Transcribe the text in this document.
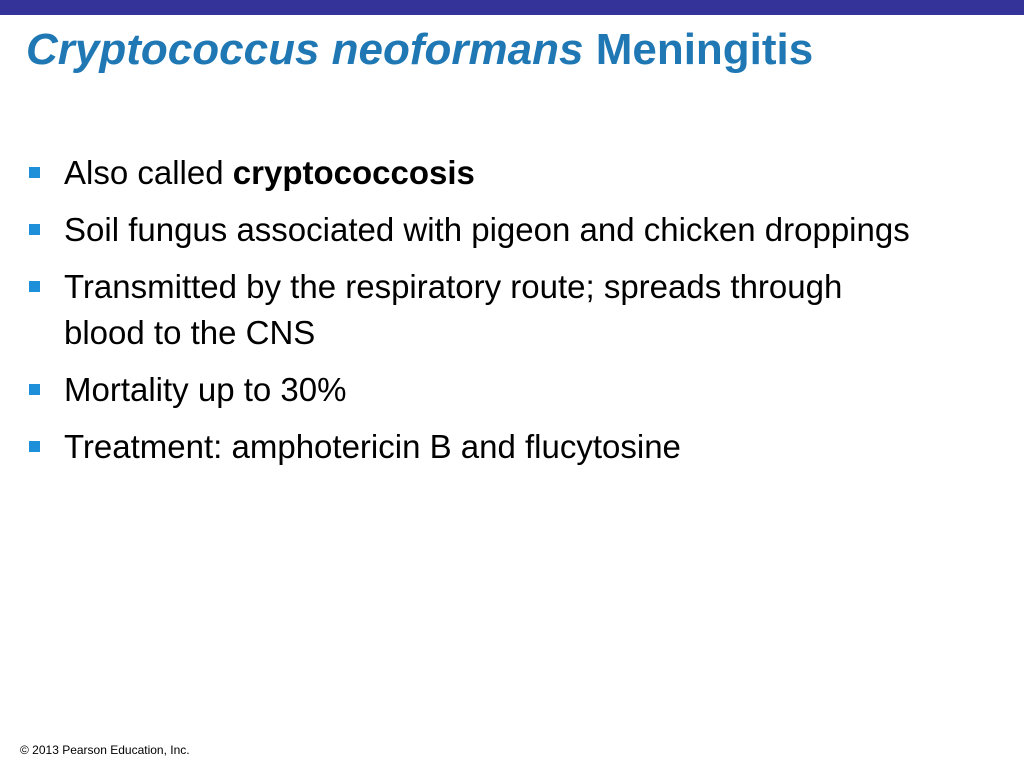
Cryptococcus neoformans Meningitis
Also called cryptococcosis
Soil fungus associated with pigeon and chicken droppings
Transmitted by the respiratory route; spreads through blood to the CNS
Mortality up to 30%
Treatment: amphotericin B and flucytosine
© 2013 Pearson Education, Inc.
